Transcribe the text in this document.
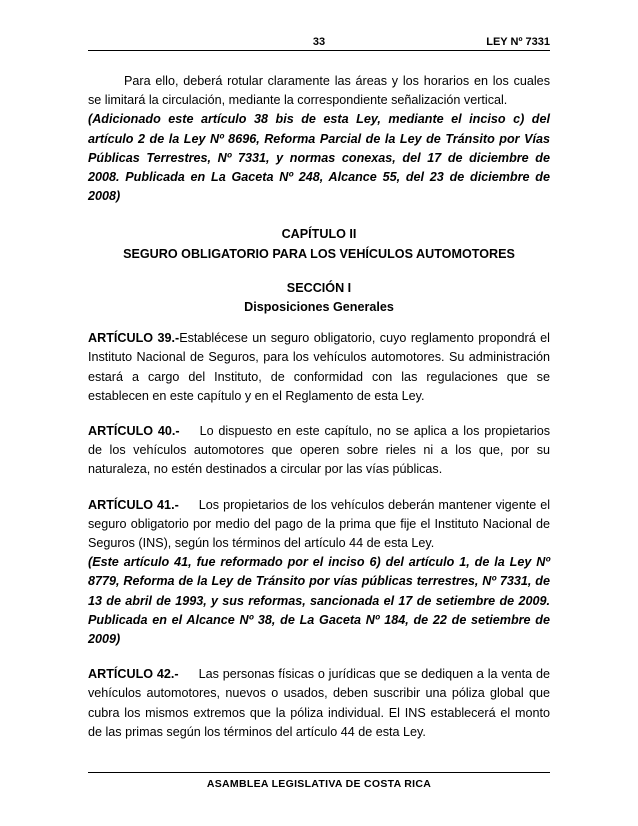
33	LEY Nº 7331

Para ello, deberá rotular claramente las áreas y los horarios en los cuales se limitará la circulación, mediante la correspondiente señalización vertical.

(Adicionado este artículo 38 bis de esta Ley, mediante el inciso c) del artículo 2 de la Ley Nº 8696, Reforma Parcial de la Ley de Tránsito por Vías Públicas Terrestres, Nº 7331, y normas conexas, del 17 de diciembre de 2008. Publicada en La Gaceta Nº 248, Alcance 55, del 23 de diciembre de 2008)

CAPÍTULO II
SEGURO OBLIGATORIO PARA LOS VEHÍCULOS AUTOMOTORES
SECCIÓN I
Disposiciones Generales

ARTÍCULO 39.-Establécese un seguro obligatorio, cuyo reglamento propondrá el Instituto Nacional de Seguros, para los vehículos automotores. Su administración estará a cargo del Instituto, de conformidad con las regulaciones que se establecen en este capítulo y en el Reglamento de esta Ley.

ARTÍCULO 40.- Lo dispuesto en este capítulo, no se aplica a los propietarios de los vehículos automotores que operen sobre rieles ni a los que, por su naturaleza, no estén destinados a circular por las vías públicas.

ARTÍCULO 41.- Los propietarios de los vehículos deberán mantener vigente el seguro obligatorio por medio del pago de la prima que fije el Instituto Nacional de Seguros (INS), según los términos del artículo 44 de esta Ley.

(Este artículo 41, fue reformado por el inciso 6) del artículo 1, de la Ley Nº 8779, Reforma de la Ley de Tránsito por vías públicas terrestres, Nº 7331, de 13 de abril de 1993, y sus reformas, sancionada el 17 de setiembre de 2009. Publicada en el Alcance Nº 38, de La Gaceta Nº 184, de 22 de setiembre de 2009)

ARTÍCULO 42.- Las personas físicas o jurídicas que se dediquen a la venta de vehículos automotores, nuevos o usados, deben suscribir una póliza global que cubra los mismos extremos que la póliza individual. El INS establecerá el monto de las primas según los términos del artículo 44 de esta Ley.

ASAMBLEA LEGISLATIVA DE COSTA RICA
